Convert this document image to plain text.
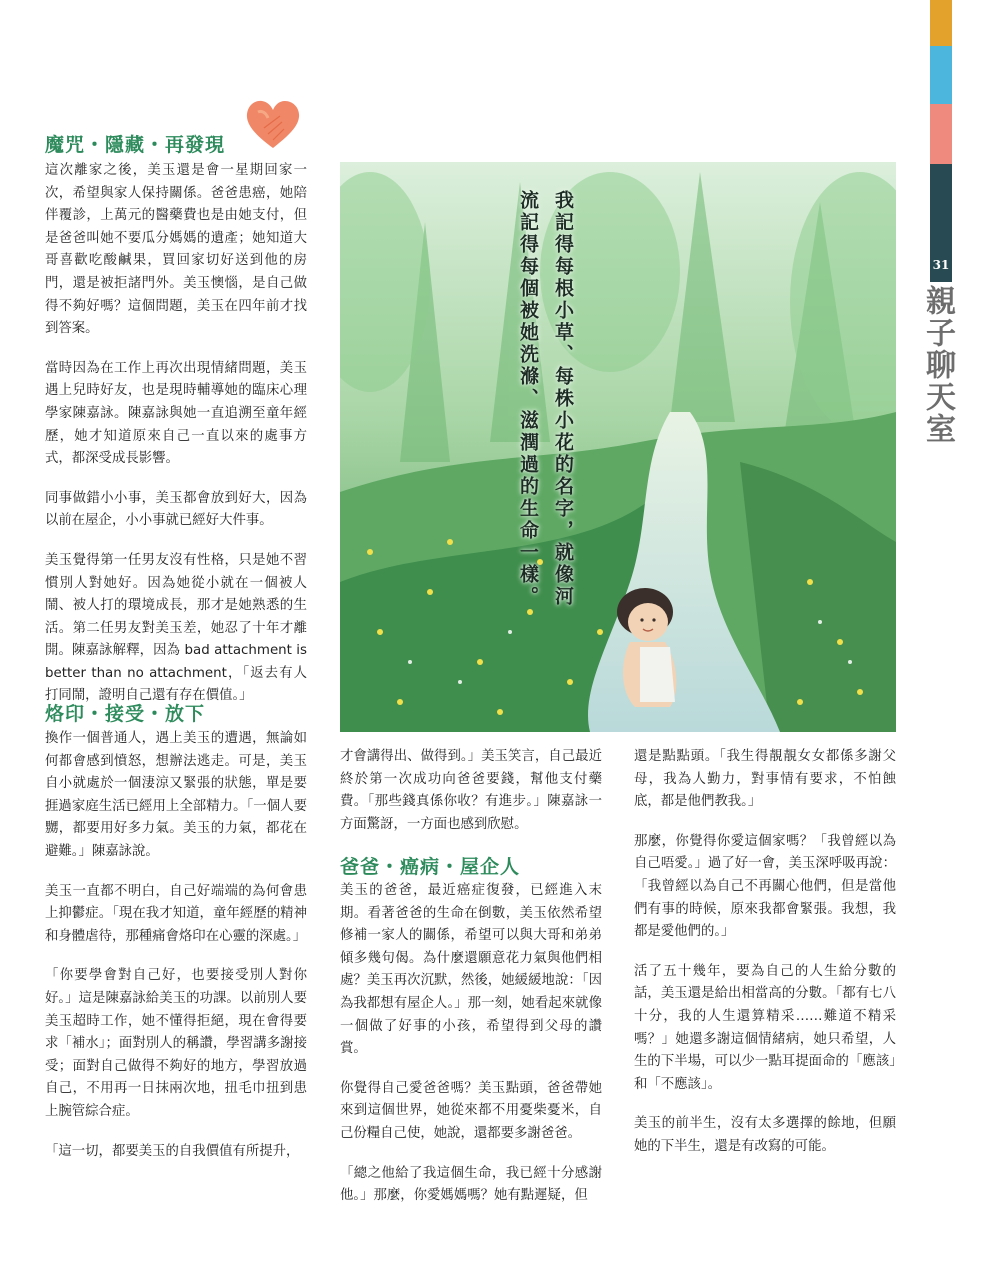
31
親子聊天室
魔咒・隱藏・再發現

這次離家之後，美玉還是會一星期回家一次，希望與家人保持關係。爸爸患癌，她陪伴覆診，上萬元的醫藥費也是由她支付，但是爸爸叫她不要瓜分媽媽的遺產；她知道大哥喜歡吃酸鹹果，買回家切好送到他的房門，還是被拒諸門外。美玉懊惱，是自己做得不夠好嗎？這個問題，美玉在四年前才找到答案。

當時因為在工作上再次出現情緒問題，美玉遇上兒時好友，也是現時輔導她的臨床心理學家陳嘉詠。陳嘉詠與她一直追溯至童年經歷，她才知道原來自己一直以來的處事方式，都深受成長影響。

同事做錯小小事，美玉都會放到好大，因為以前在屋企，小小事就已經好大件事。

美玉覺得第一任男友沒有性格，只是她不習慣別人對她好。因為她從小就在一個被人鬧、被人打的環境成長，那才是她熟悉的生活。第二任男友對美玉差，她忍了十年才離開。陳嘉詠解釋，因為 bad attachment is better than no attachment，「返去有人打同鬧，證明自己還有存在價值。」

烙印・接受・放下

換作一個普通人，遇上美玉的遭遇，無論如何都會感到憤怒，想辦法逃走。可是，美玉自小就處於一個淒涼又緊張的狀態，單是要捱過家庭生活已經用上全部精力。「一個人要嬲，都要用好多力氣。美玉的力氣，都花在避難。」陳嘉詠說。

美玉一直都不明白，自己好端端的為何會患上抑鬱症。「現在我才知道，童年經歷的精神和身體虐待，那種痛會烙印在心靈的深處。」

「你要學會對自己好，也要接受別人對你好。」這是陳嘉詠給美玉的功課。以前別人要美玉超時工作，她不懂得拒絕，現在會得要求「補水」；面對別人的稱讚，學習講多謝接受；面對自己做得不夠好的地方，學習放過自己，不用再一日抹兩次地，扭毛巾扭到患上腕管綜合症。

「這一切，都要美玉的自我價值有所提升，

我記得每根小草、每株小花的名字，就像河
流記得每個被她洗滌、滋潤過的生命一樣。

才會講得出、做得到。」美玉笑言，自己最近終於第一次成功向爸爸要錢，幫他支付藥費。「那些錢真係你收？有進步。」陳嘉詠一方面驚訝，一方面也感到欣慰。

爸爸・癌病・屋企人

美玉的爸爸，最近癌症復發，已經進入末期。看著爸爸的生命在倒數，美玉依然希望修補一家人的關係，希望可以與大哥和弟弟傾多幾句偈。為什麼還願意花力氣與他們相處？美玉再次沉默，然後，她緩緩地說：「因為我都想有屋企人。」那一刻，她看起來就像一個做了好事的小孩，希望得到父母的讚賞。

你覺得自己愛爸爸嗎？美玉點頭，爸爸帶她來到這個世界，她從來都不用憂柴憂米，自己份糧自己使，她說，還都要多謝爸爸。

「總之他給了我這個生命，我已經十分感謝他。」那麼，你愛媽媽嗎？她有點遲疑，但

還是點點頭。「我生得靚靚女女都係多謝父母，我為人勤力，對事情有要求，不怕蝕底，都是他們教我。」

那麼，你覺得你愛這個家嗎？「我曾經以為自己唔愛。」過了好一會，美玉深呼吸再說：「我曾經以為自己不再關心他們，但是當他們有事的時候，原來我都會緊張。我想，我都是愛他們的。」

活了五十幾年，要為自己的人生給分數的話，美玉還是給出相當高的分數。「都有七八十分，我的人生還算精采……難道不精采嗎？」她還多謝這個情緒病，她只希望，人生的下半場，可以少一點耳提面命的「應該」和「不應該」。

美玉的前半生，沒有太多選擇的餘地，但願她的下半生，還是有改寫的可能。
